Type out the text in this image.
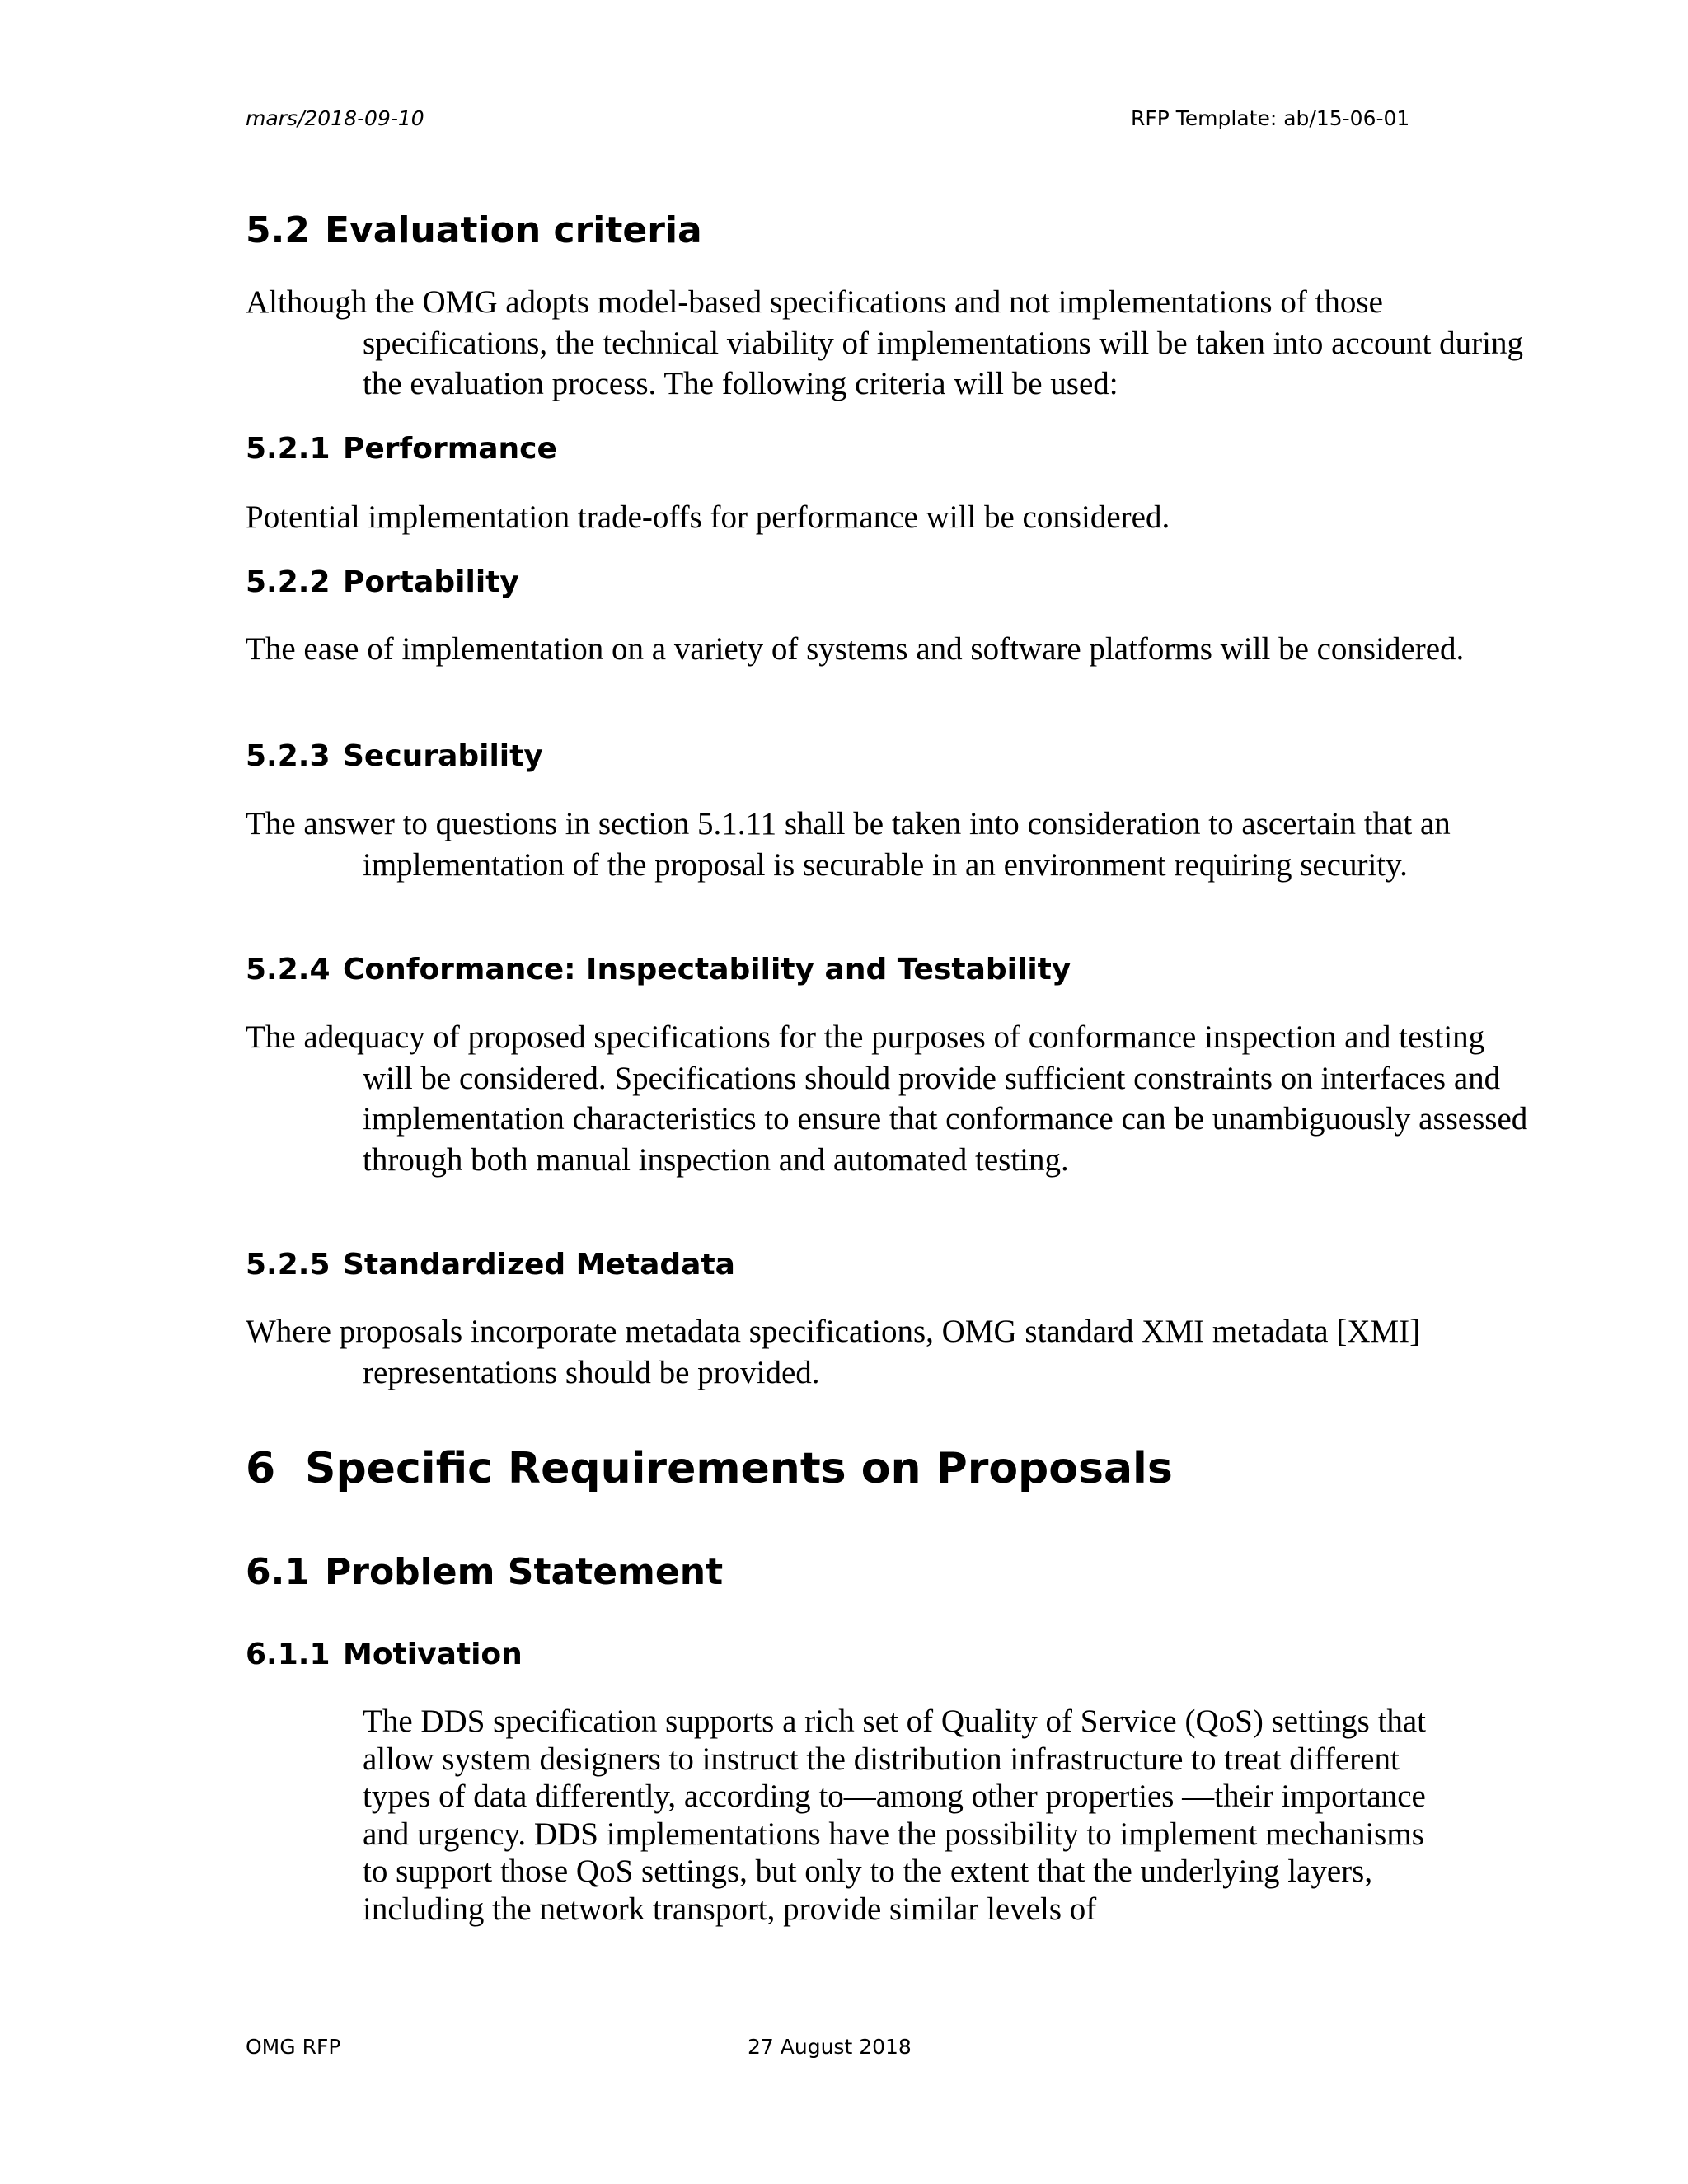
mars/2018-09-10	RFP Template: ab/15-06-01
5.2 Evaluation criteria

Although the OMG adopts model-based specifications and not implementations of those specifications, the technical viability of implementations will be taken into account during the evaluation process. The following criteria will be used:

5.2.1 Performance

Potential implementation trade-offs for performance will be considered.

5.2.2 Portability

The ease of implementation on a variety of systems and software platforms will be considered.

5.2.3 Securability

The answer to questions in section 5.1.11 shall be taken into consideration to ascertain that an implementation of the proposal is securable in an environment requiring security.

5.2.4 Conformance: Inspectability and Testability

The adequacy of proposed specifications for the purposes of conformance inspection and testing will be considered. Specifications should provide sufficient constraints on interfaces and implementation characteristics to ensure that conformance can be unambiguously assessed through both manual inspection and automated testing.

5.2.5 Standardized Metadata

Where proposals incorporate metadata specifications, OMG standard XMI metadata [XMI] representations should be provided.

6 Specific Requirements on Proposals
6.1 Problem Statement
6.1.1 Motivation

The DDS specification supports a rich set of Quality of Service (QoS) settings that allow system designers to instruct the distribution infrastructure to treat different types of data differently, according to—among other properties —their importance and urgency. DDS implementations have the possibility to implement mechanisms to support those QoS settings, but only to the extent that the underlying layers, including the network transport, provide similar levels of

OMG RFP	27 August 2018
